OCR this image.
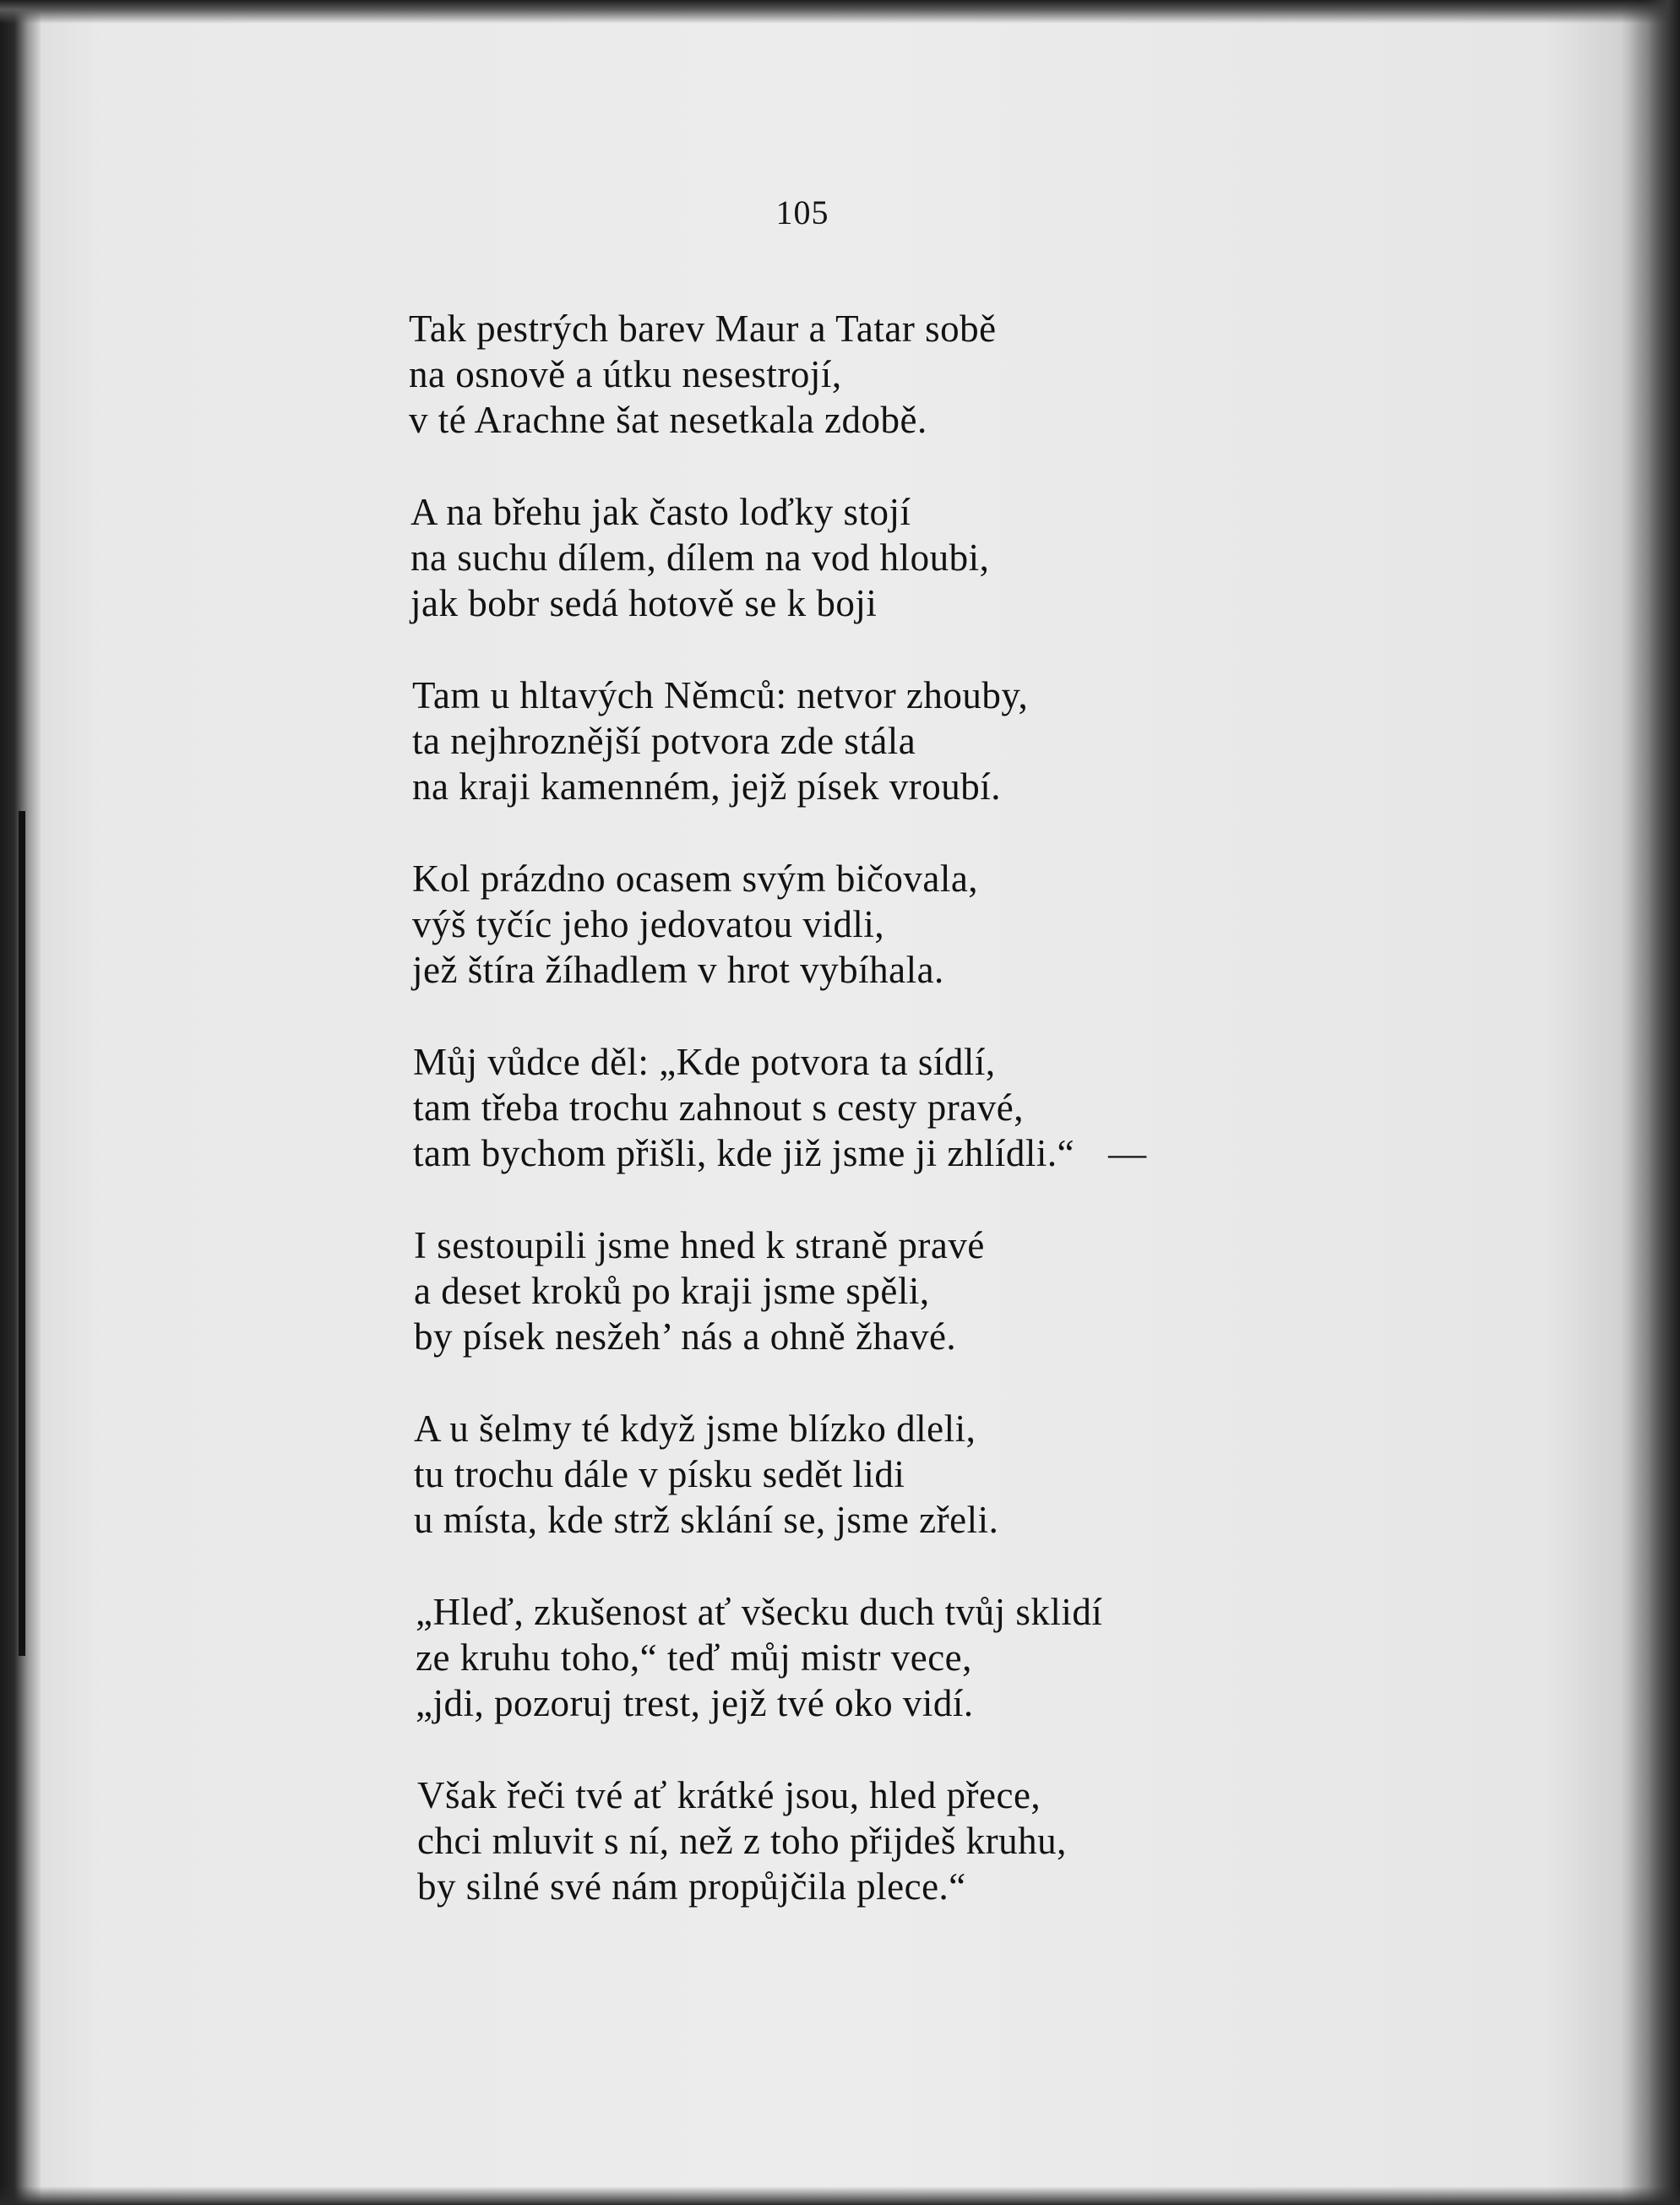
105
Tak pestrých barev Maur a Tatar sobě
na osnově a útku nesestrojí,
v té Arachne šat nesetkala zdobě.
A na břehu jak často loďky stojí
na suchu dílem, dílem na vod hloubi,
jak bobr sedá hotově se k boji
Tam u hltavých Němců: netvor zhouby,
ta nejhroznější potvora zde stála
na kraji kamenném, jejž písek vroubí.
Kol prázdno ocasem svým bičovala,
výš tyčíc jeho jedovatou vidli,
jež štíra žíhadlem v hrot vybíhala.
Můj vůdce děl: „Kde potvora ta sídlí,
tam třeba trochu zahnout s cesty pravé,
tam bychom přišli, kde již jsme ji zhlídli.“ —
I sestoupili jsme hned k straně pravé
a deset kroků po kraji jsme spěli,
by písek nesžeh’ nás a ohně žhavé.
A u šelmy té když jsme blízko dleli,
tu trochu dále v písku sedět lidi
u místa, kde strž sklání se, jsme zřeli.
„Hleď, zkušenost ať všecku duch tvůj sklidí
ze kruhu toho,“ teď můj mistr vece,
„jdi, pozoruj trest, jejž tvé oko vidí.
Však řeči tvé ať krátké jsou, hled přece,
chci mluvit s ní, než z toho přijdeš kruhu,
by silné své nám propůjčila plece.“
